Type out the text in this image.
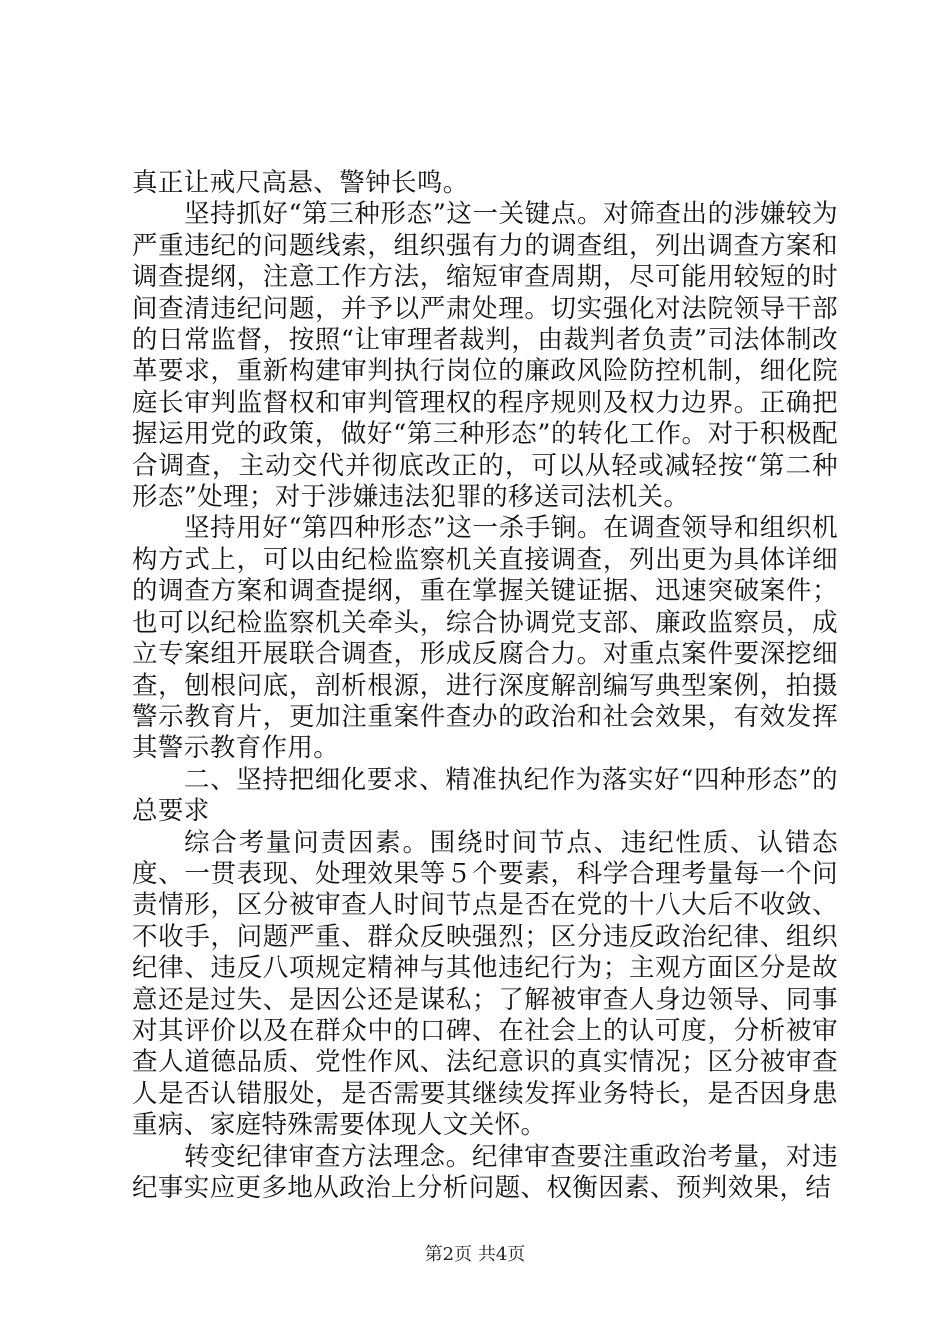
真正让戒尺高悬、警钟长鸣。

坚持抓好“第三种形态”这一关键点。对筛查出的涉嫌较为严重违纪的问题线索，组织强有力的调查组，列出调查方案和调查提纲，注意工作方法，缩短审查周期，尽可能用较短的时间查清违纪问题，并予以严肃处理。切实强化对法院领导干部的日常监督，按照“让审理者裁判，由裁判者负责”司法体制改革要求，重新构建审判执行岗位的廉政风险防控机制，细化院庭长审判监督权和审判管理权的程序规则及权力边界。正确把握运用党的政策，做好“第三种形态”的转化工作。对于积极配合调查，主动交代并彻底改正的，可以从轻或减轻按“第二种形态”处理；对于涉嫌违法犯罪的移送司法机关。

坚持用好“第四种形态”这一杀手锏。在调查领导和组织机构方式上，可以由纪检监察机关直接调查，列出更为具体详细的调查方案和调查提纲，重在掌握关键证据、迅速突破案件；也可以纪检监察机关牵头，综合协调党支部、廉政监察员，成立专案组开展联合调查，形成反腐合力。对重点案件要深挖细查，刨根问底，剖析根源，进行深度解剖编写典型案例，拍摄警示教育片，更加注重案件查办的政治和社会效果，有效发挥其警示教育作用。

二、坚持把细化要求、精准执纪作为落实好“四种形态”的总要求

综合考量问责因素。围绕时间节点、违纪性质、认错态度、一贯表现、处理效果等５个要素，科学合理考量每一个问责情形，区分被审查人时间节点是否在党的十八大后不收敛、不收手，问题严重、群众反映强烈；区分违反政治纪律、组织纪律、违反八项规定精神与其他违纪行为；主观方面区分是故意还是过失、是因公还是谋私；了解被审查人身边领导、同事对其评价以及在群众中的口碑、在社会上的认可度，分析被审查人道德品质、党性作风、法纪意识的真实情况；区分被审查人是否认错服处，是否需要其继续发挥业务特长，是否因身患重病、家庭特殊需要体现人文关怀。

转变纪律审查方法理念。纪律审查要注重政治考量，对违纪事实应更多地从政治上分析问题、权衡因素、预判效果，结

第2页 共4页
